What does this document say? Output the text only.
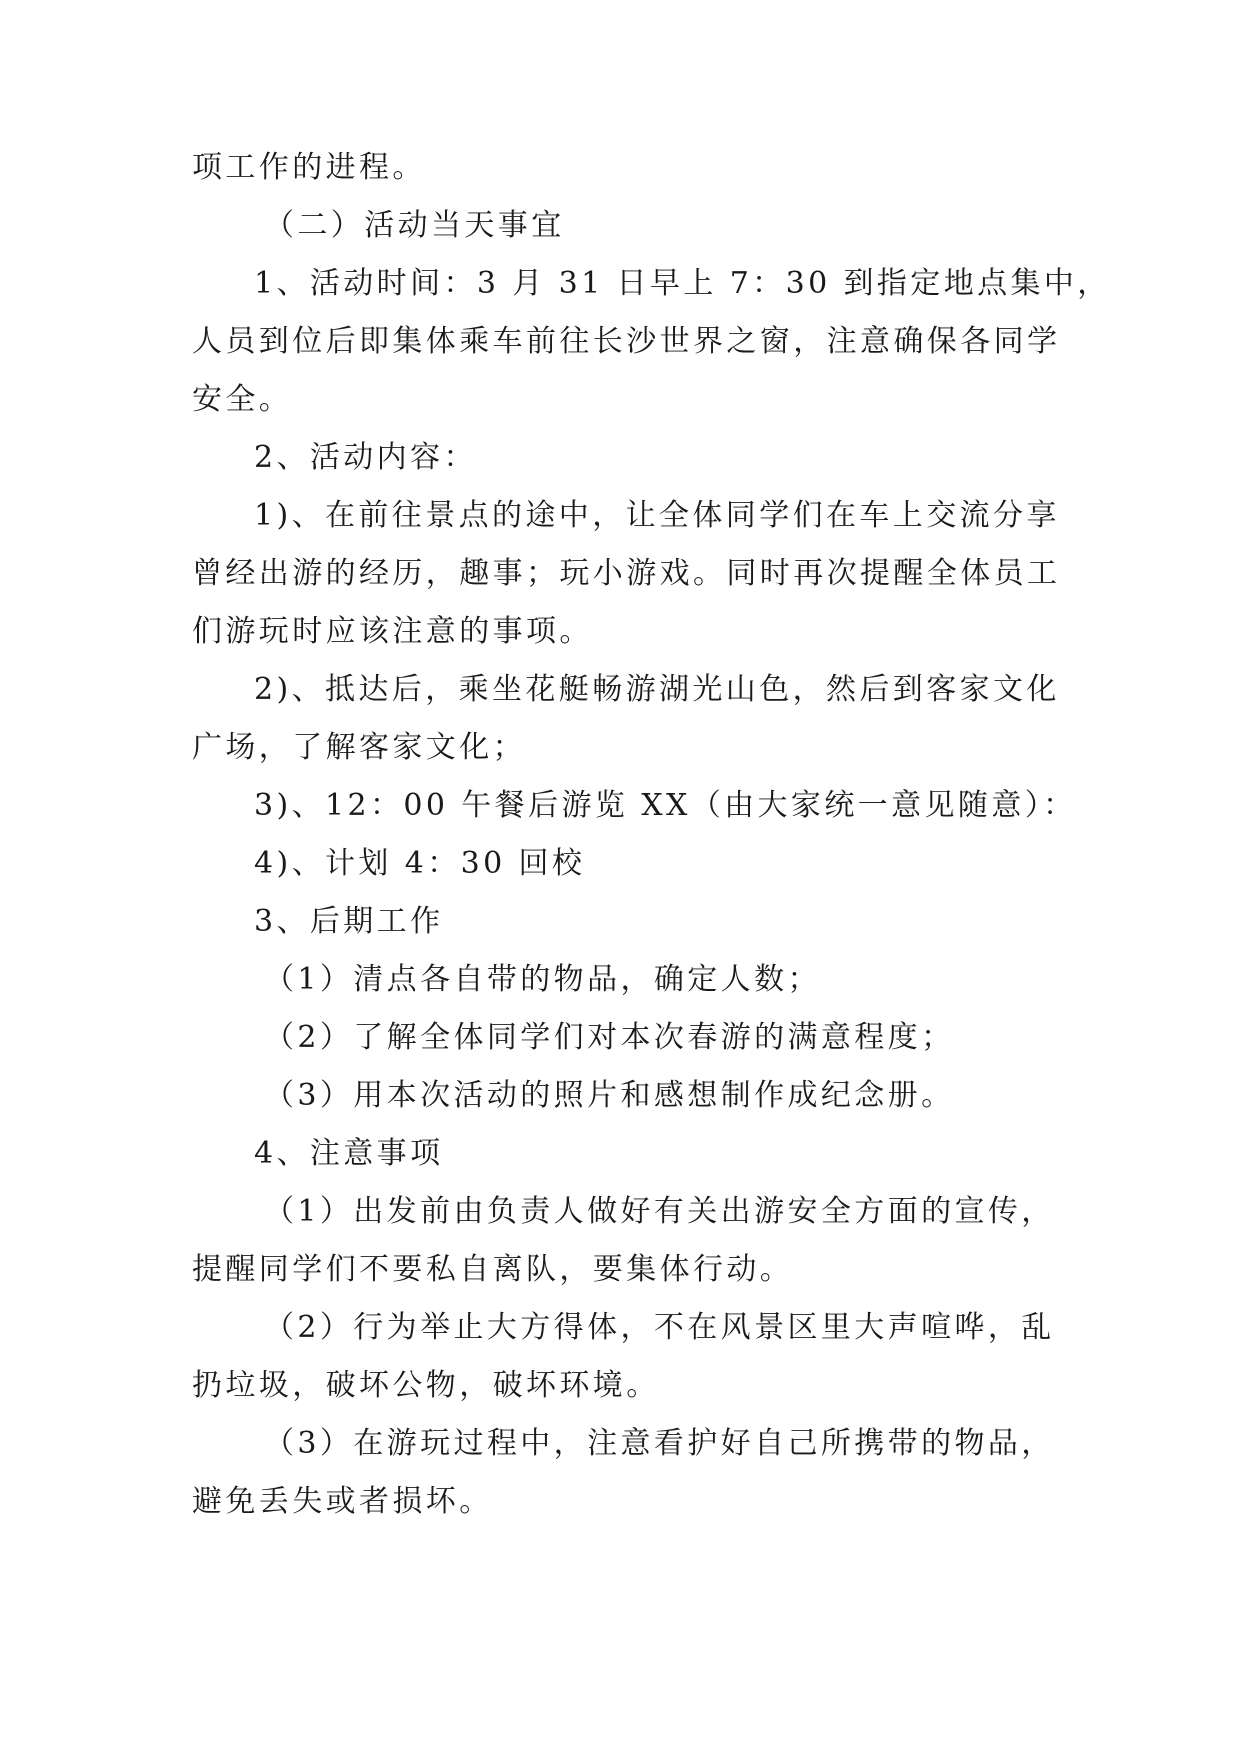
项工作的进程。
（二）活动当天事宜
1、活动时间：3 月 31 日早上 7：30 到指定地点集中，
人员到位后即集体乘车前往长沙世界之窗，注意确保各同学
安全。
2、活动内容：
1)、在前往景点的途中，让全体同学们在车上交流分享
曾经出游的经历，趣事；玩小游戏。同时再次提醒全体员工
们游玩时应该注意的事项。
2)、抵达后，乘坐花艇畅游湖光山色，然后到客家文化
广场，了解客家文化；
3)、12：00 午餐后游览 XX（由大家统一意见随意）：
4)、计划 4：30 回校
3、后期工作
（1）清点各自带的物品，确定人数；
（2）了解全体同学们对本次春游的满意程度；
（3）用本次活动的照片和感想制作成纪念册。
4、注意事项
（1）出发前由负责人做好有关出游安全方面的宣传，
提醒同学们不要私自离队，要集体行动。
（2）行为举止大方得体，不在风景区里大声喧哗，乱
扔垃圾，破坏公物，破坏环境。
（3）在游玩过程中，注意看护好自己所携带的物品，
避免丢失或者损坏。
